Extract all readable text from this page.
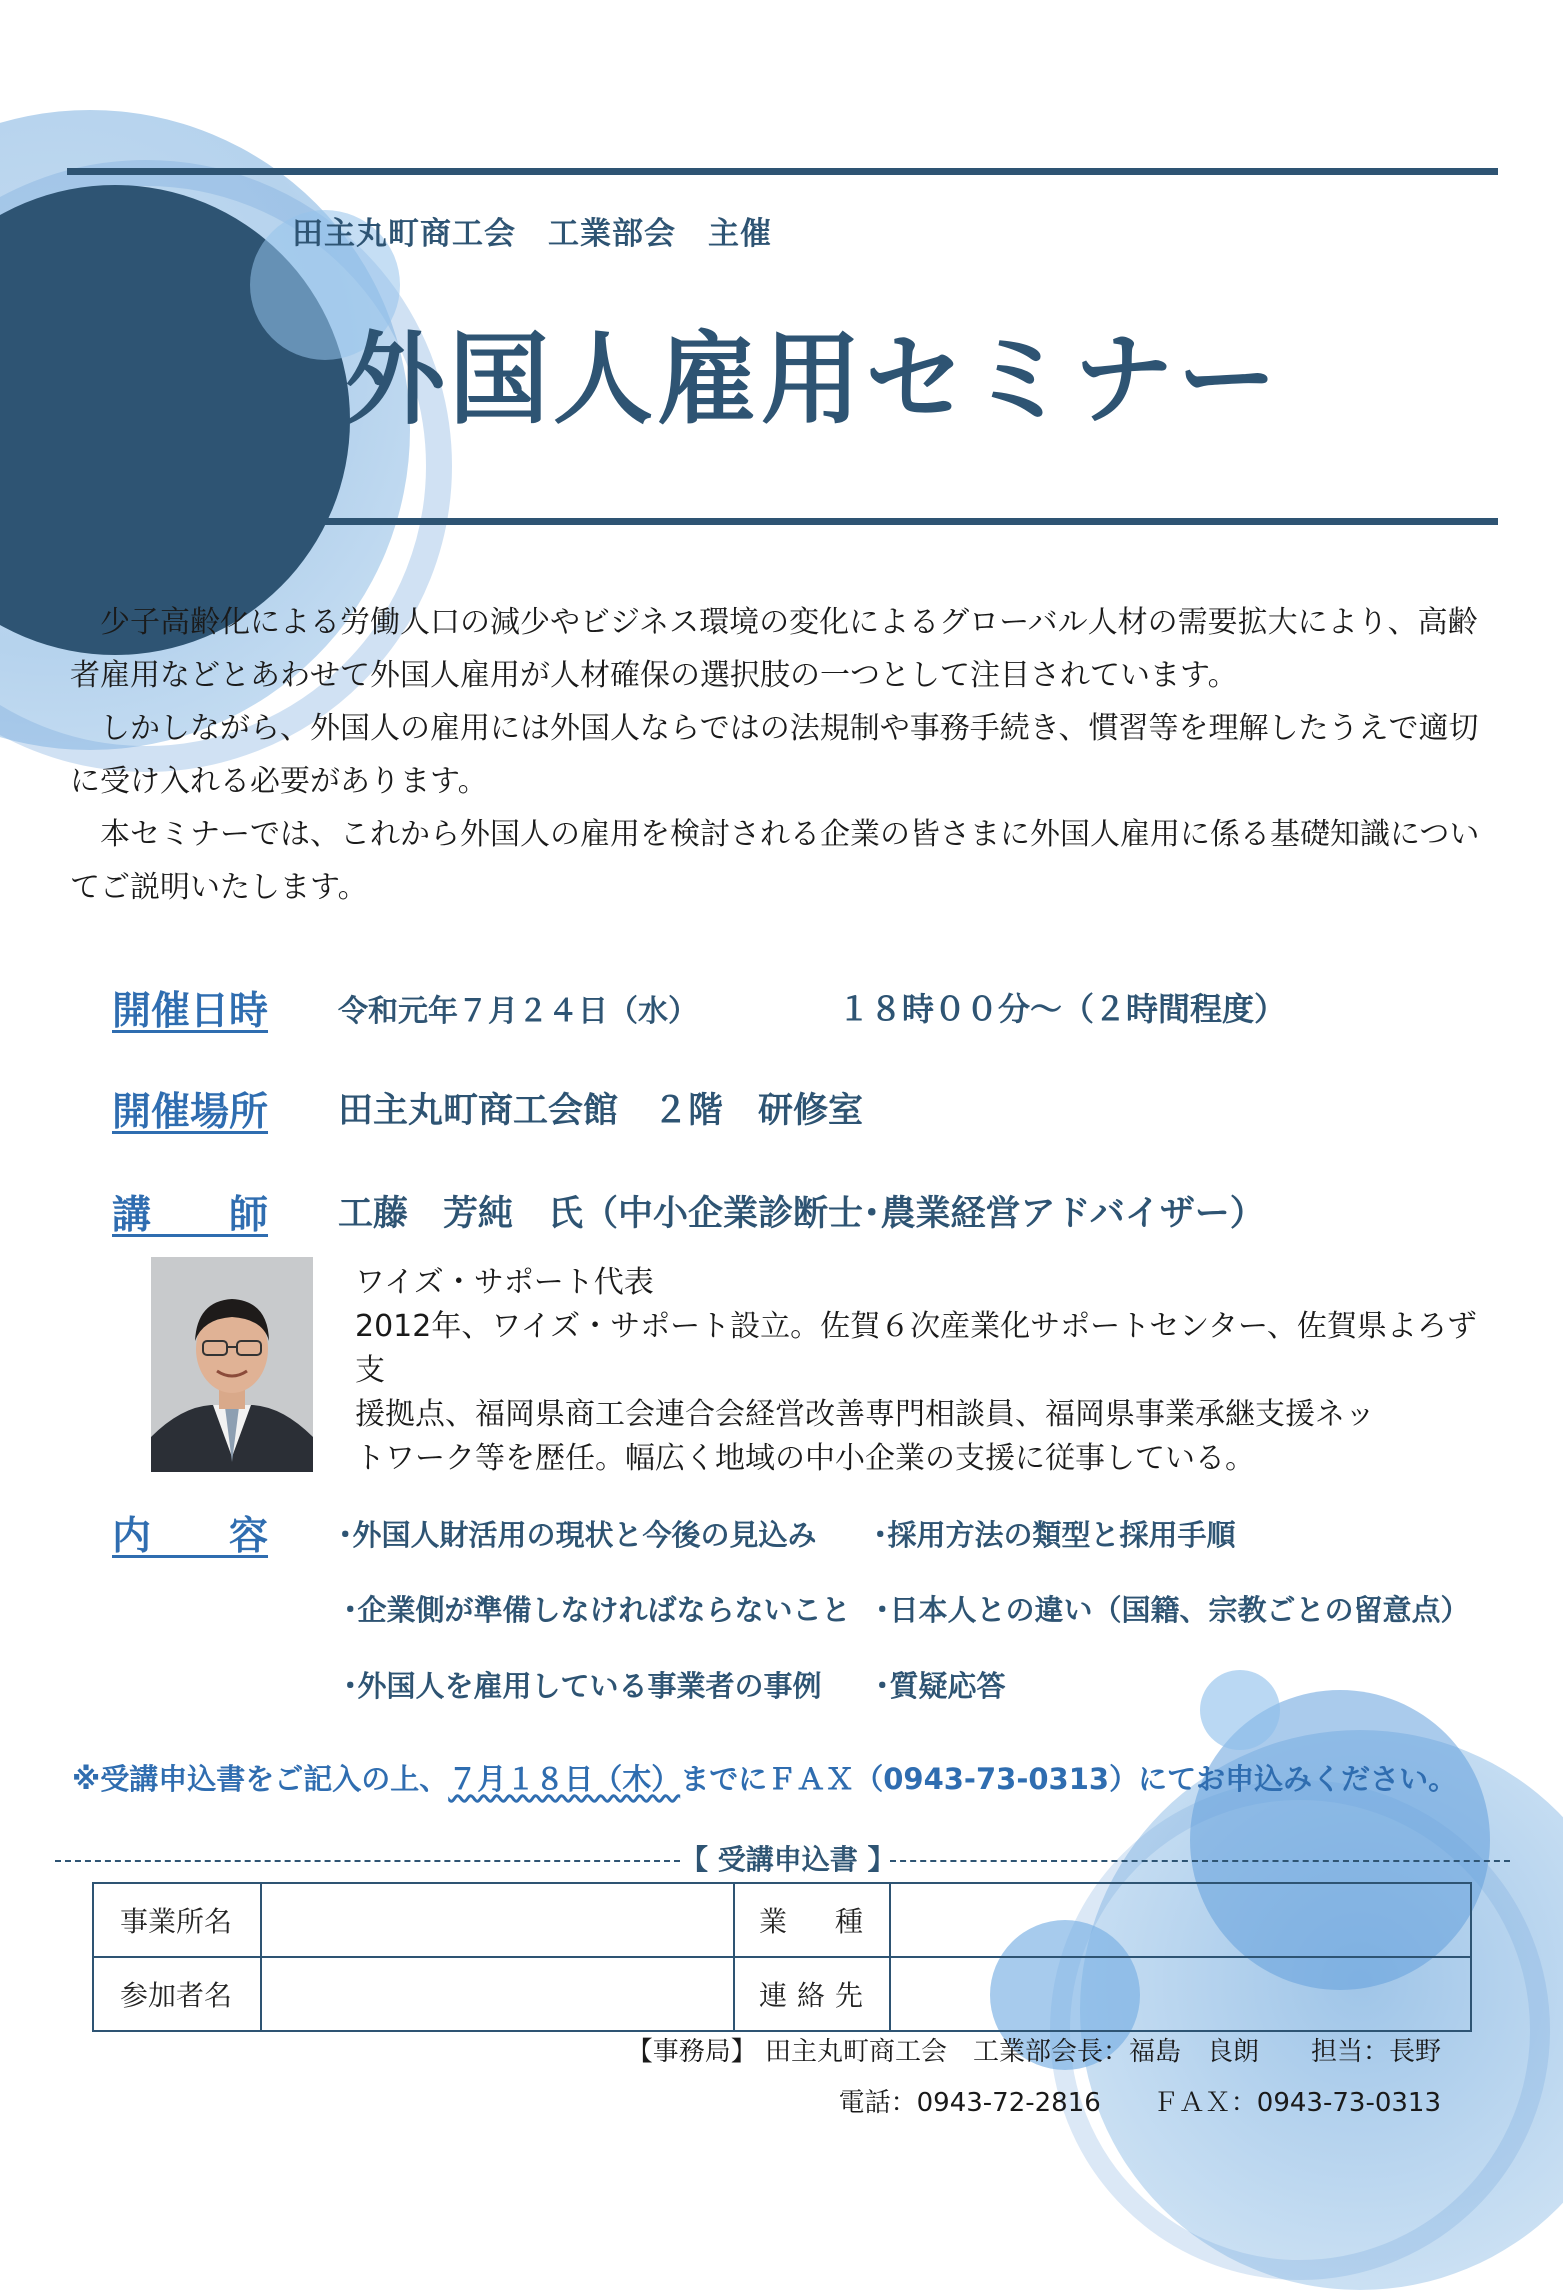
田主丸町商工会　工業部会　主催
外国人雇用セミナー

少子高齢化による労働人口の減少やビジネス環境の変化によるグローバル人材の需要拡大により、高齢者雇用などとあわせて外国人雇用が人材確保の選択肢の一つとして注目されています。

しかしながら、外国人の雇用には外国人ならではの法規制や事務手続き、慣習等を理解したうえで適切に受け入れる必要があります。

本セミナーでは、これから外国人の雇用を検討される企業の皆さまに外国人雇用に係る基礎知識についてご説明いたします。

開催日時 令和元年７月２４日（水）	１８時００分～（２時間程度）
開催場所 田主丸町商工会館　２階　研修室
講　　師 工藤　芳純　氏（中小企業診断士･農業経営アドバイザー）
ワイズ・サポート代表
2012年、ワイズ・サポート設立。佐賀６次産業化サポートセンター、佐賀県よろず支
援拠点、福岡県商工会連合会経営改善専門相談員、福岡県事業承継支援ネッ
トワーク等を歴任。幅広く地域の中小企業の支援に従事している。
内　　容 ･外国人財活用の現状と今後の見込み ･採用方法の類型と採用手順
･企業側が準備しなければならないこと ･日本人との違い（国籍、宗教ごとの留意点）
･外国人を雇用している事業者の事例 ･質疑応答
※受講申込書をご記入の上、７月１８日（木）までにＦＡＸ（0943-73-0313）にてお申込みください。
【 受講申込書 】
事業所名		業　種	
参加者名		連絡先	
【事務局】 田主丸町商工会　工業部会長：福島　良朗　　担当：長野
電話：0943-72-2816　　ＦＡＸ：0943-73-0313
